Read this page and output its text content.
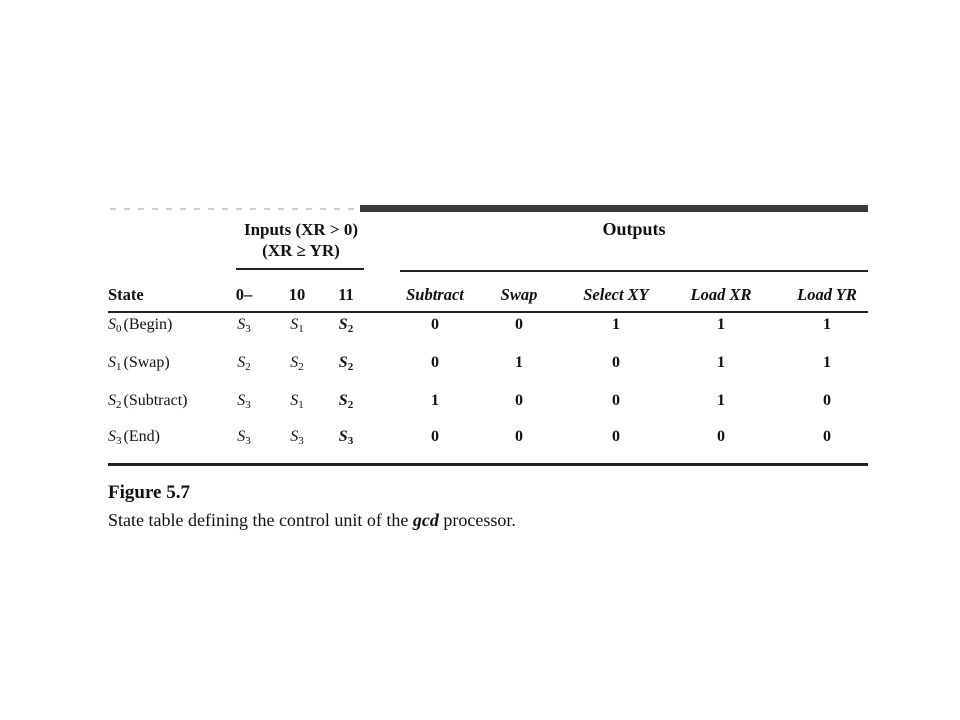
Inputs (XR > 0)
(XR ≥ YR)
Outputs
State	0–	10	11	Subtract	Swap	Select XY	Load XR	Load YR
$S_0$ (Begin)	$S_3$	$S_1$	$S_2$	0	0	1	1	1
$S_1$ (Swap)	$S_2$	$S_2$	$S_2$	0	1	0	1	1
$S_2$ (Subtract)	$S_3$	$S_1$	$S_2$	1	0	0	1	0
$S_3$ (End)	$S_3$	$S_3$	$S_3$	0	0	0	0	0
Figure 5.7
State table defining the control unit of the gcd processor.
